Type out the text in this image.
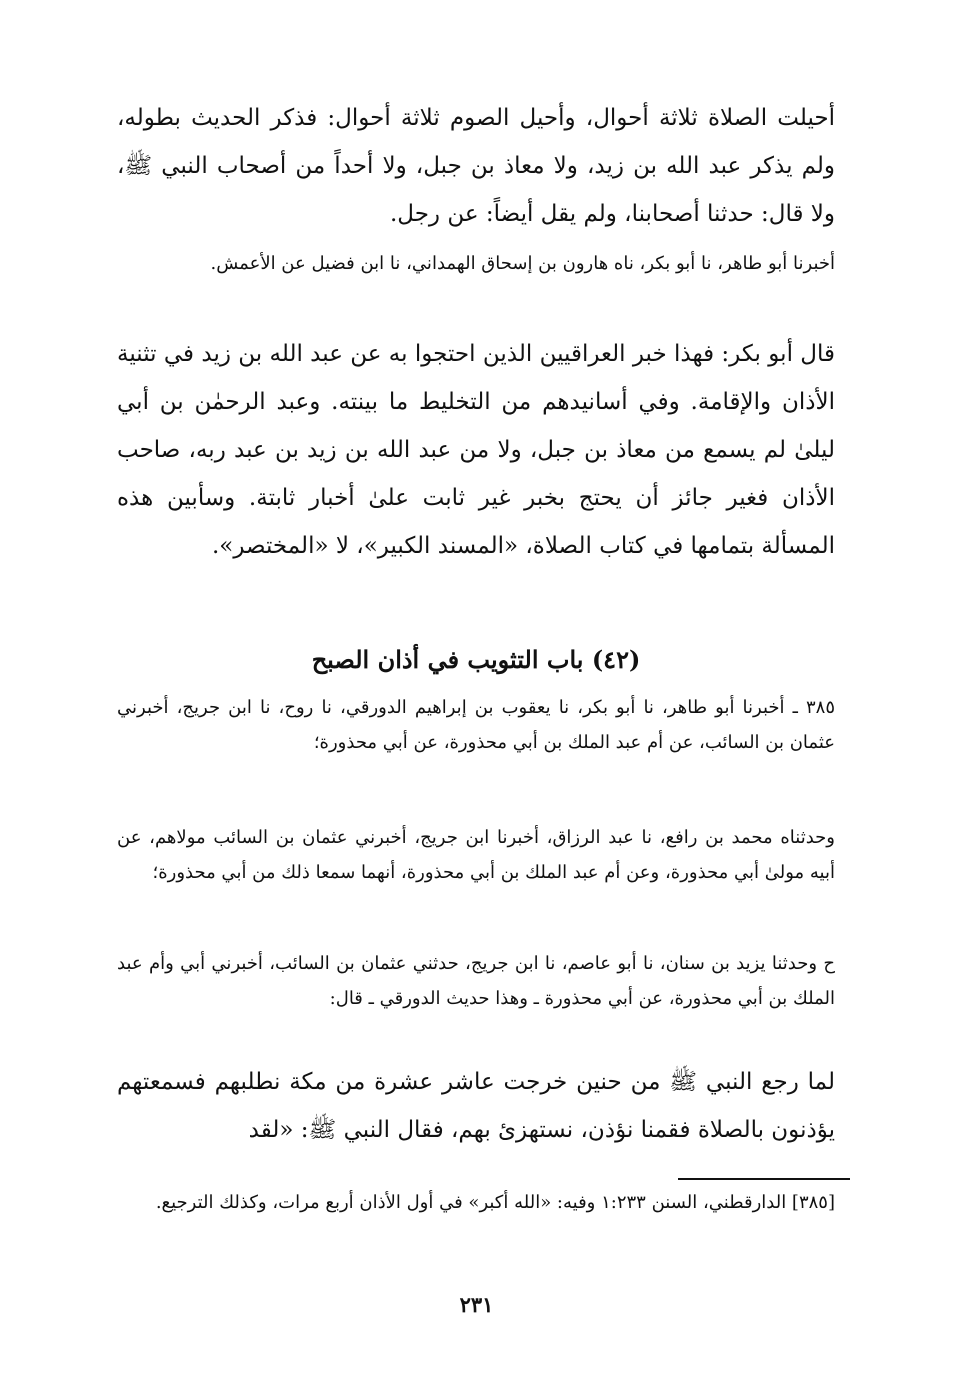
أحيلت الصلاة ثلاثة أحوال، وأحيل الصوم ثلاثة أحوال: فذكر الحديث بطوله، ولم يذكر عبد الله بن زيد، ولا معاذ بن جبل، ولا أحداً من أصحاب النبي ﷺ، ولا قال: حدثنا أصحابنا، ولم يقل أيضاً: عن رجل.

أخبرنا أبو طاهر، نا أبو بكر، ناه هارون بن إسحاق الهمداني، نا ابن فضيل عن الأعمش.

قال أبو بكر: فهذا خبر العراقيين الذين احتجوا به عن عبد الله بن زيد في تثنية الأذان والإقامة. وفي أسانيدهم من التخليط ما بينته. وعبد الرحمٰن بن أبي ليلىٰ لم يسمع من معاذ بن جبل، ولا من عبد الله بن زيد بن عبد ربه، صاحب الأذان فغير جائز أن يحتج بخبر غير ثابت علىٰ أخبار ثابتة. وسأبين هذه المسألة بتمامها في كتاب الصلاة، «المسند الكبير»، لا «المختصر».

(٤٢) باب التثويب في أذان الصبح

٣٨٥ ـ أخبرنا أبو طاهر، نا أبو بكر، نا يعقوب بن إبراهيم الدورقي، نا روح، نا ابن جريج، أخبرني عثمان بن السائب، عن أم عبد الملك بن أبي محذورة، عن أبي محذورة؛

وحدثناه محمد بن رافع، نا عبد الرزاق، أخبرنا ابن جريج، أخبرني عثمان بن السائب مولاهم، عن أبيه مولىٰ أبي محذورة، وعن أم عبد الملك بن أبي محذورة، أنهما سمعا ذلك من أبي محذورة؛

ح وحدثنا يزيد بن سنان، نا أبو عاصم، نا ابن جريج، حدثني عثمان بن السائب، أخبرني أبي وأم عبد الملك بن أبي محذورة، عن أبي محذورة ـ وهذا حديث الدورقي ـ قال:

لما رجع النبي ﷺ من حنين خرجت عاشر عشرة من مكة نطلبهم فسمعتهم يؤذنون بالصلاة فقمنا نؤذن، نستهزئ بهم، فقال النبي ﷺ: «لقد

[٣٨٥] الدارقطني، السنن ١:٢٣٣ وفيه: «الله أكبر» في أول الأذان أربع مرات، وكذلك الترجيع.

٢٣١
